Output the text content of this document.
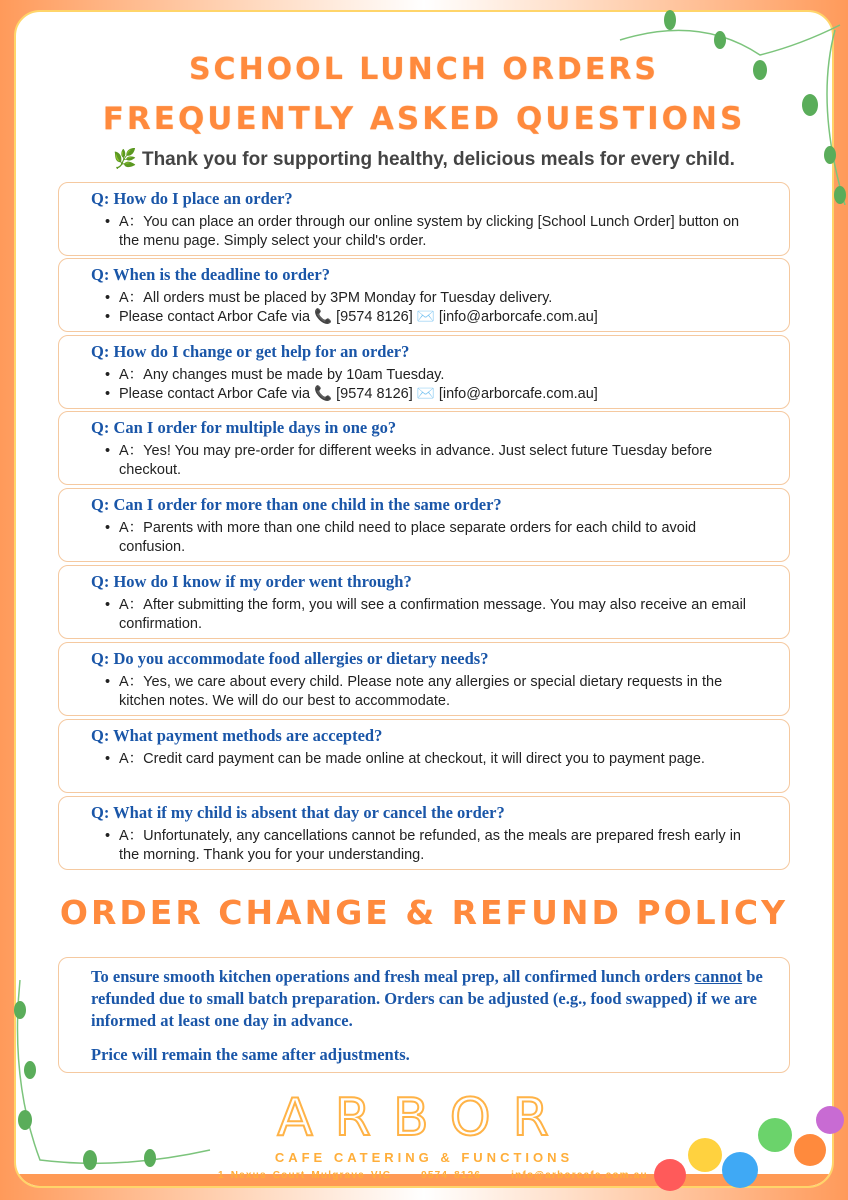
SCHOOL LUNCH ORDERS
FREQUENTLY ASKED QUESTIONS
🌿 Thank you for supporting healthy, delicious meals for every child.
Q: How do I place an order?
• A：You can place an order through our online system by clicking [School Lunch Order] button on the menu page. Simply select your child's order.
Q: When is the deadline to order?
• A：All orders must be placed by 3PM Monday for Tuesday delivery.
• Please contact Arbor Cafe via 📞 [9574 8126] ✉️ [info@arborcafe.com.au]
Q: How do I change or get help for an order?
• A：Any changes must be made by 10am Tuesday.
• Please contact Arbor Cafe via 📞 [9574 8126] ✉️ [info@arborcafe.com.au]
Q: Can I order for multiple days in one go?
• A：Yes! You may pre-order for different weeks in advance. Just select future Tuesday before checkout.
Q: Can I order for more than one child in the same order?
• A：Parents with more than one child need to place separate orders for each child to avoid confusion.
Q: How do I know if my order went through?
• A：After submitting the form, you will see a confirmation message. You may also receive an email confirmation.
Q: Do you accommodate food allergies or dietary needs?
• A：Yes, we care about every child. Please note any allergies or special dietary requests in the kitchen notes. We will do our best to accommodate.
Q: What payment methods are accepted?
• A：Credit card payment can be made online at checkout, it will direct you to payment page.
Q: What if my child is absent that day or cancel the order?
• A：Unfortunately, any cancellations cannot be refunded, as the meals are prepared fresh early in the morning. Thank you for your understanding.
ORDER CHANGE & REFUND POLICY

To ensure smooth kitchen operations and fresh meal prep, all confirmed lunch orders cannot be refunded due to small batch preparation. Orders can be adjusted (e.g., food swapped) if we are informed at least one day in advance.

Price will remain the same after adjustments.

ARBOR
CAFE CATERING & FUNCTIONS
1 Nexus Court Mulgrave VIC	9574 8126	info@arborcafe.com.au
